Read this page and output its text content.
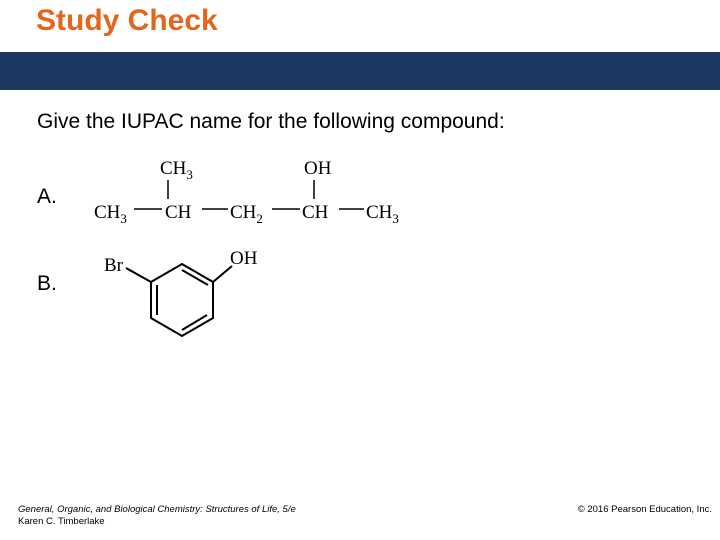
Study Check
Give the IUPAC name for the following compound:
A.
$CH_3$ CH $CH_2$ CH $CH_3$
$CH_3$	OH
B.
Br	OH
General, Organic, and Biological Chemistry: Structures of Life, 5/e
Karen C. Timberlake
© 2016 Pearson Education, Inc.
